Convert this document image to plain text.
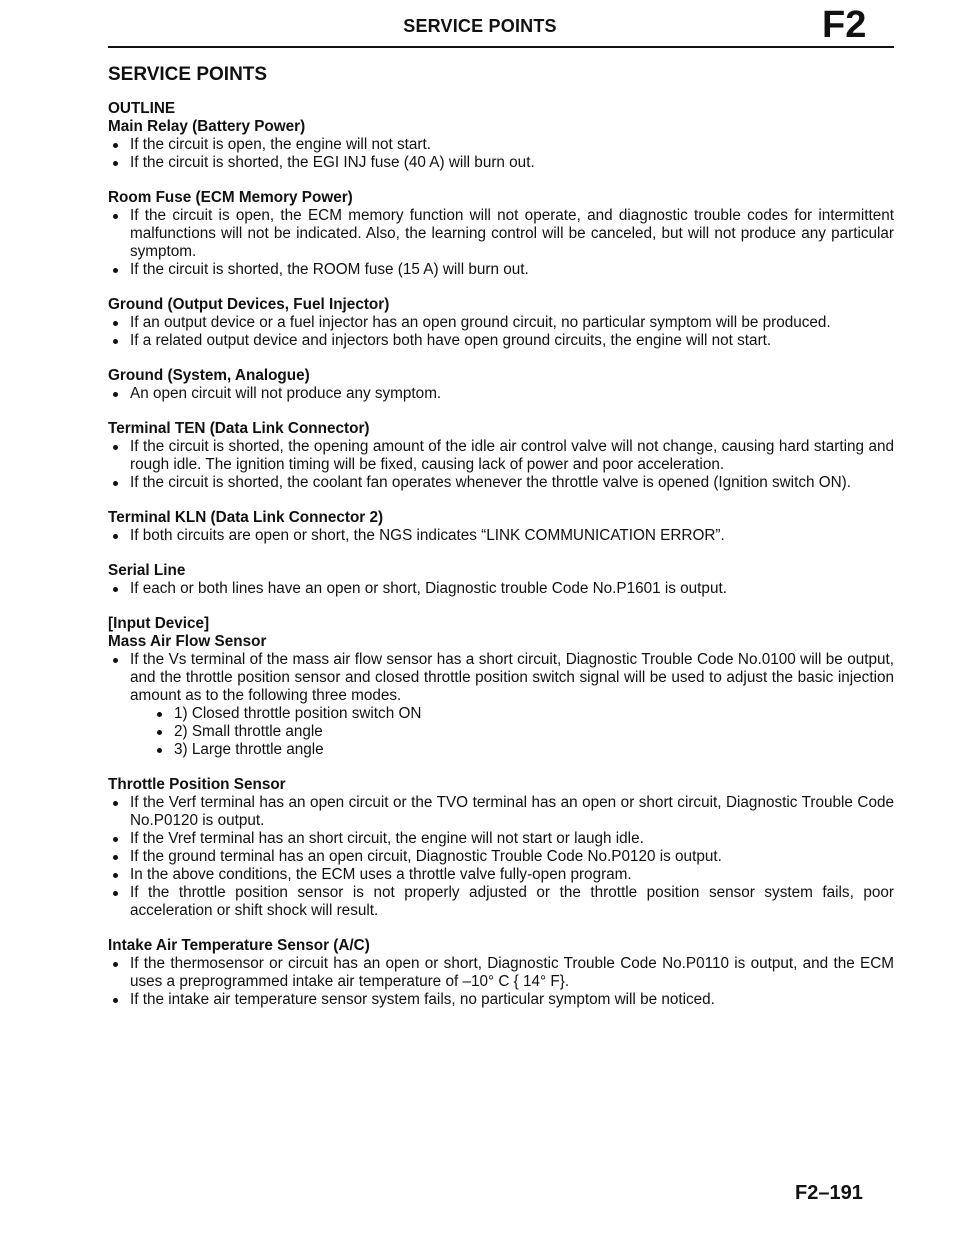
SERVICE POINTS	F2
SERVICE POINTS
OUTLINE
Main Relay (Battery Power)
If the circuit is open, the engine will not start.
If the circuit is shorted, the EGI INJ fuse (40 A) will burn out.
Room Fuse (ECM Memory Power)
If the circuit is open, the ECM memory function will not operate, and diagnostic trouble codes for intermittent malfunctions will not be indicated. Also, the learning control will be canceled, but will not produce any particular symptom.
If the circuit is shorted, the ROOM fuse (15 A) will burn out.
Ground (Output Devices, Fuel Injector)
If an output device or a fuel injector has an open ground circuit, no particular symptom will be produced.
If a related output device and injectors both have open ground circuits, the engine will not start.
Ground (System, Analogue)
An open circuit will not produce any symptom.
Terminal TEN (Data Link Connector)
If the circuit is shorted, the opening amount of the idle air control valve will not change, causing hard starting and rough idle. The ignition timing will be fixed, causing lack of power and poor acceleration.
If the circuit is shorted, the coolant fan operates whenever the throttle valve is opened (Ignition switch ON).
Terminal KLN (Data Link Connector 2)
If both circuits are open or short, the NGS indicates “LINK COMMUNICATION ERROR”.
Serial Line
If each or both lines have an open or short, Diagnostic trouble Code No.P1601 is output.
[Input Device]
Mass Air Flow Sensor
If the Vs terminal of the mass air flow sensor has a short circuit, Diagnostic Trouble Code No.0100 will be output, and the throttle position sensor and closed throttle position switch signal will be used to adjust the basic injection amount as to the following three modes.
1) Closed throttle position switch ON
2) Small throttle angle
3) Large throttle angle
Throttle Position Sensor
If the Verf terminal has an open circuit or the TVO terminal has an open or short circuit, Diagnostic Trouble Code No.P0120 is output.
If the Vref terminal has an short circuit, the engine will not start or laugh idle.
If the ground terminal has an open circuit, Diagnostic Trouble Code No.P0120 is output.
In the above conditions, the ECM uses a throttle valve fully-open program.
If the throttle position sensor is not properly adjusted or the throttle position sensor system fails, poor acceleration or shift shock will result.
Intake Air Temperature Sensor (A/C)
If the thermosensor or circuit has an open or short, Diagnostic Trouble Code No.P0110 is output, and the ECM uses a preprogrammed intake air temperature of –10° C { 14° F}.
If the intake air temperature sensor system fails, no particular symptom will be noticed.
F2–191
